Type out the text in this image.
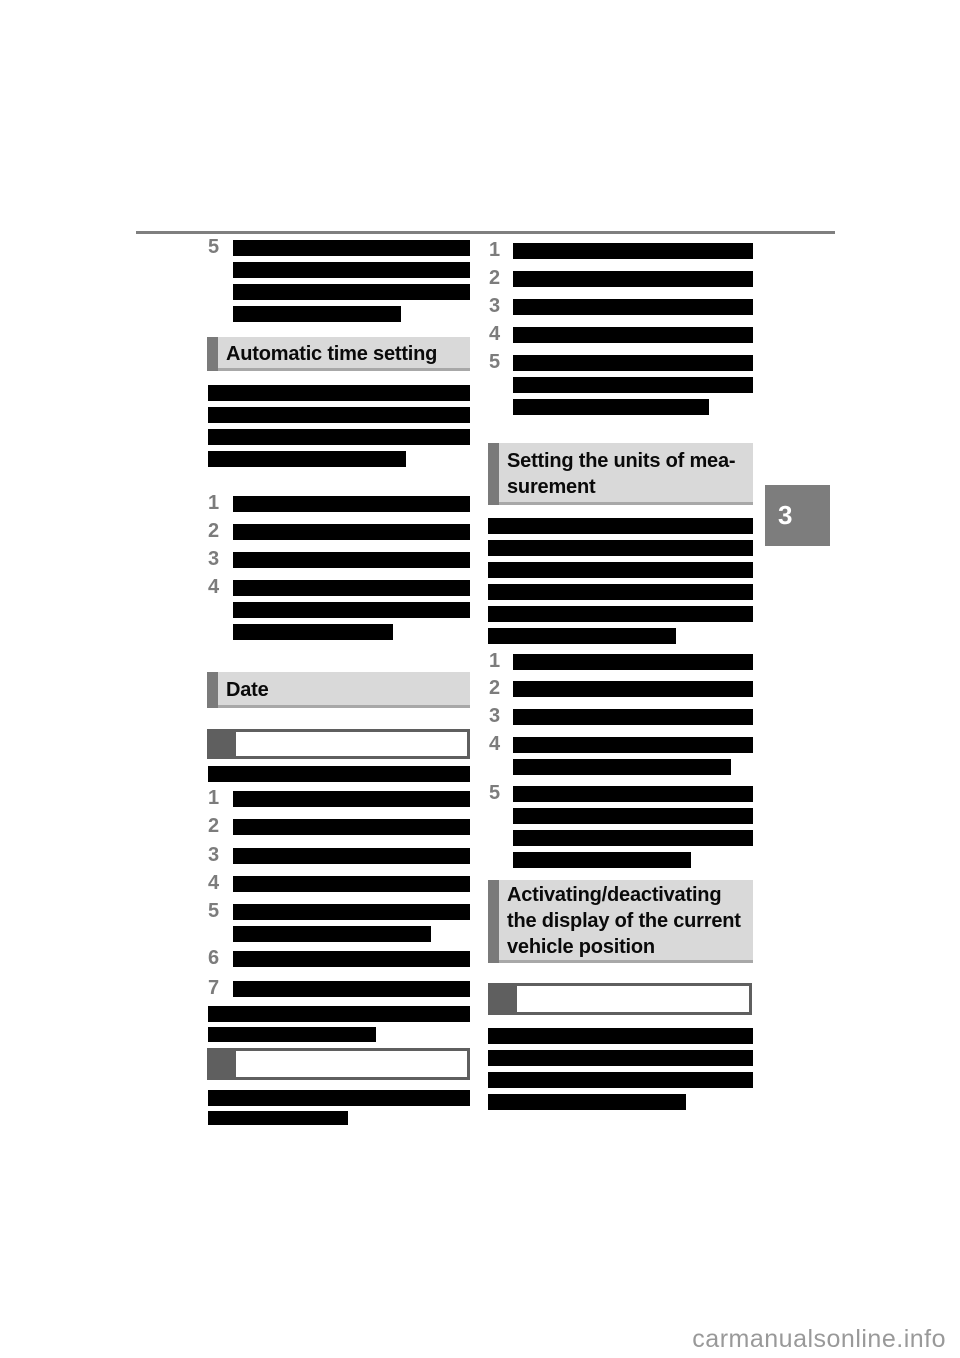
3
5
Automatic time setting
1
2
3
4
Date
1
2
3
4
5
6
7
1
2
3
4
5
Setting the units of mea-
surement
1
2
3
4
5
Activating/deactivating
the display of the current
vehicle position
carmanualsonline.info
